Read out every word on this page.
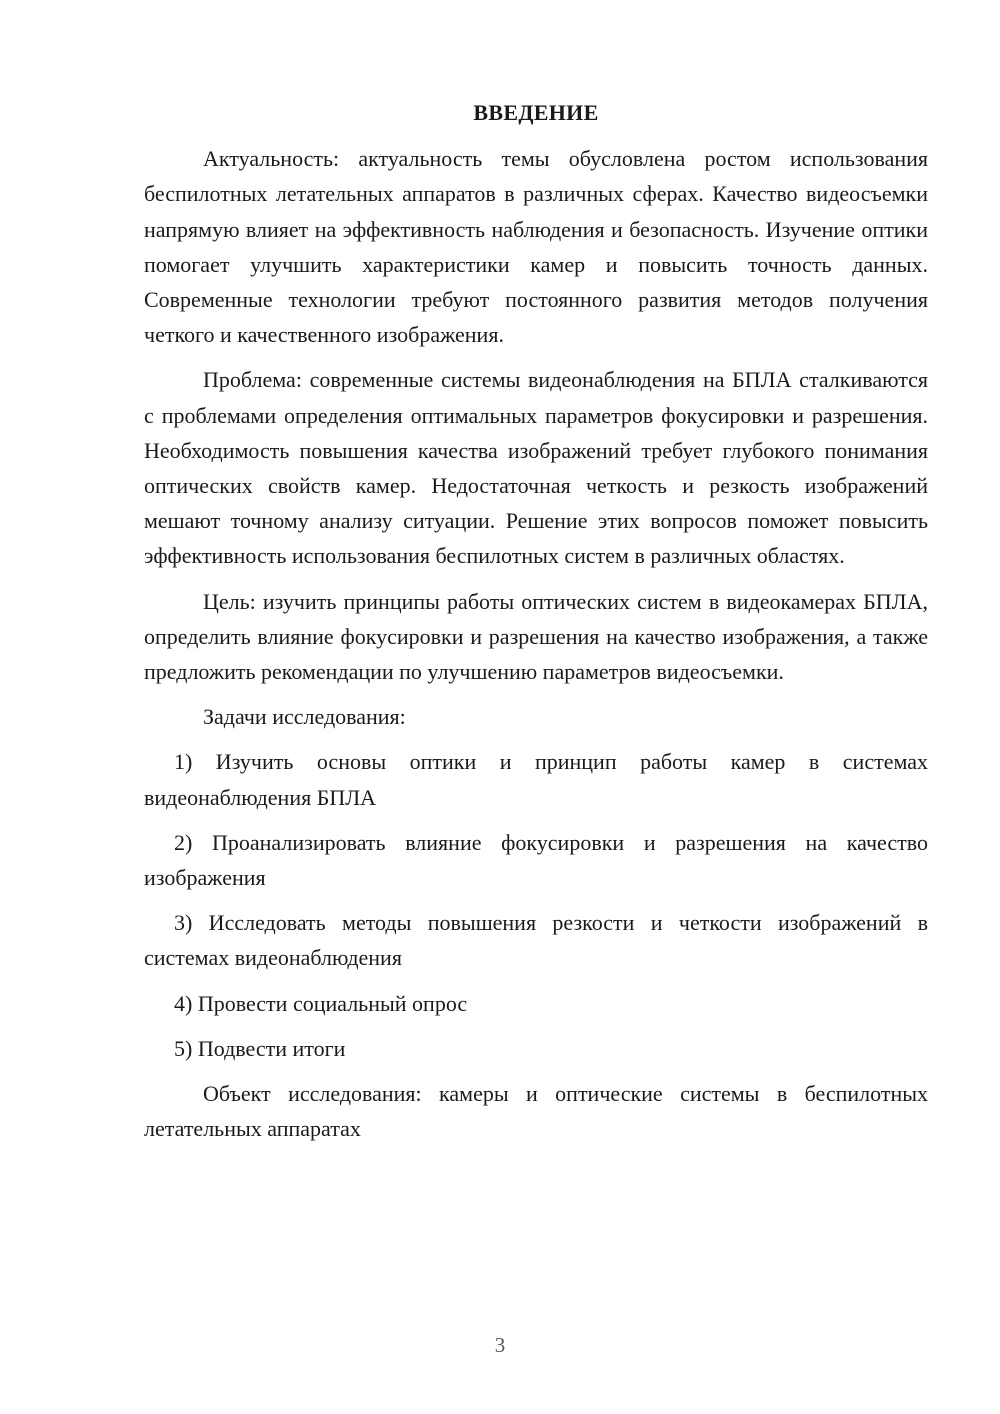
ВВЕДЕНИЕ

Актуальность: актуальность темы обусловлена ростом использования беспилотных летательных аппаратов в различных сферах. Качество видеосъемки напрямую влияет на эффективность наблюдения и безопасность. Изучение оптики помогает улучшить характеристики камер и повысить точность данных. Современные технологии требуют постоянного развития методов получения четкого и качественного изображения.

Проблема: современные системы видеонаблюдения на БПЛА сталкиваются с проблемами определения оптимальных параметров фокусировки и разрешения. Необходимость повышения качества изображений требует глубокого понимания оптических свойств камер. Недостаточная четкость и резкость изображений мешают точному анализу ситуации. Решение этих вопросов поможет повысить эффективность использования беспилотных систем в различных областях.

Цель: изучить принципы работы оптических систем в видеокамерах БПЛА, определить влияние фокусировки и разрешения на качество изображения, а также предложить рекомендации по улучшению параметров видеосъемки.

Задачи исследования:

1) Изучить основы оптики и принцип работы камер в системах видеонаблюдения БПЛА

2) Проанализировать влияние фокусировки и разрешения на качество изображения

3) Исследовать методы повышения резкости и четкости изображений в системах видеонаблюдения

4) Провести социальный опрос

5) Подвести итоги

Объект исследования: камеры и оптические системы в беспилотных летательных аппаратах

3
